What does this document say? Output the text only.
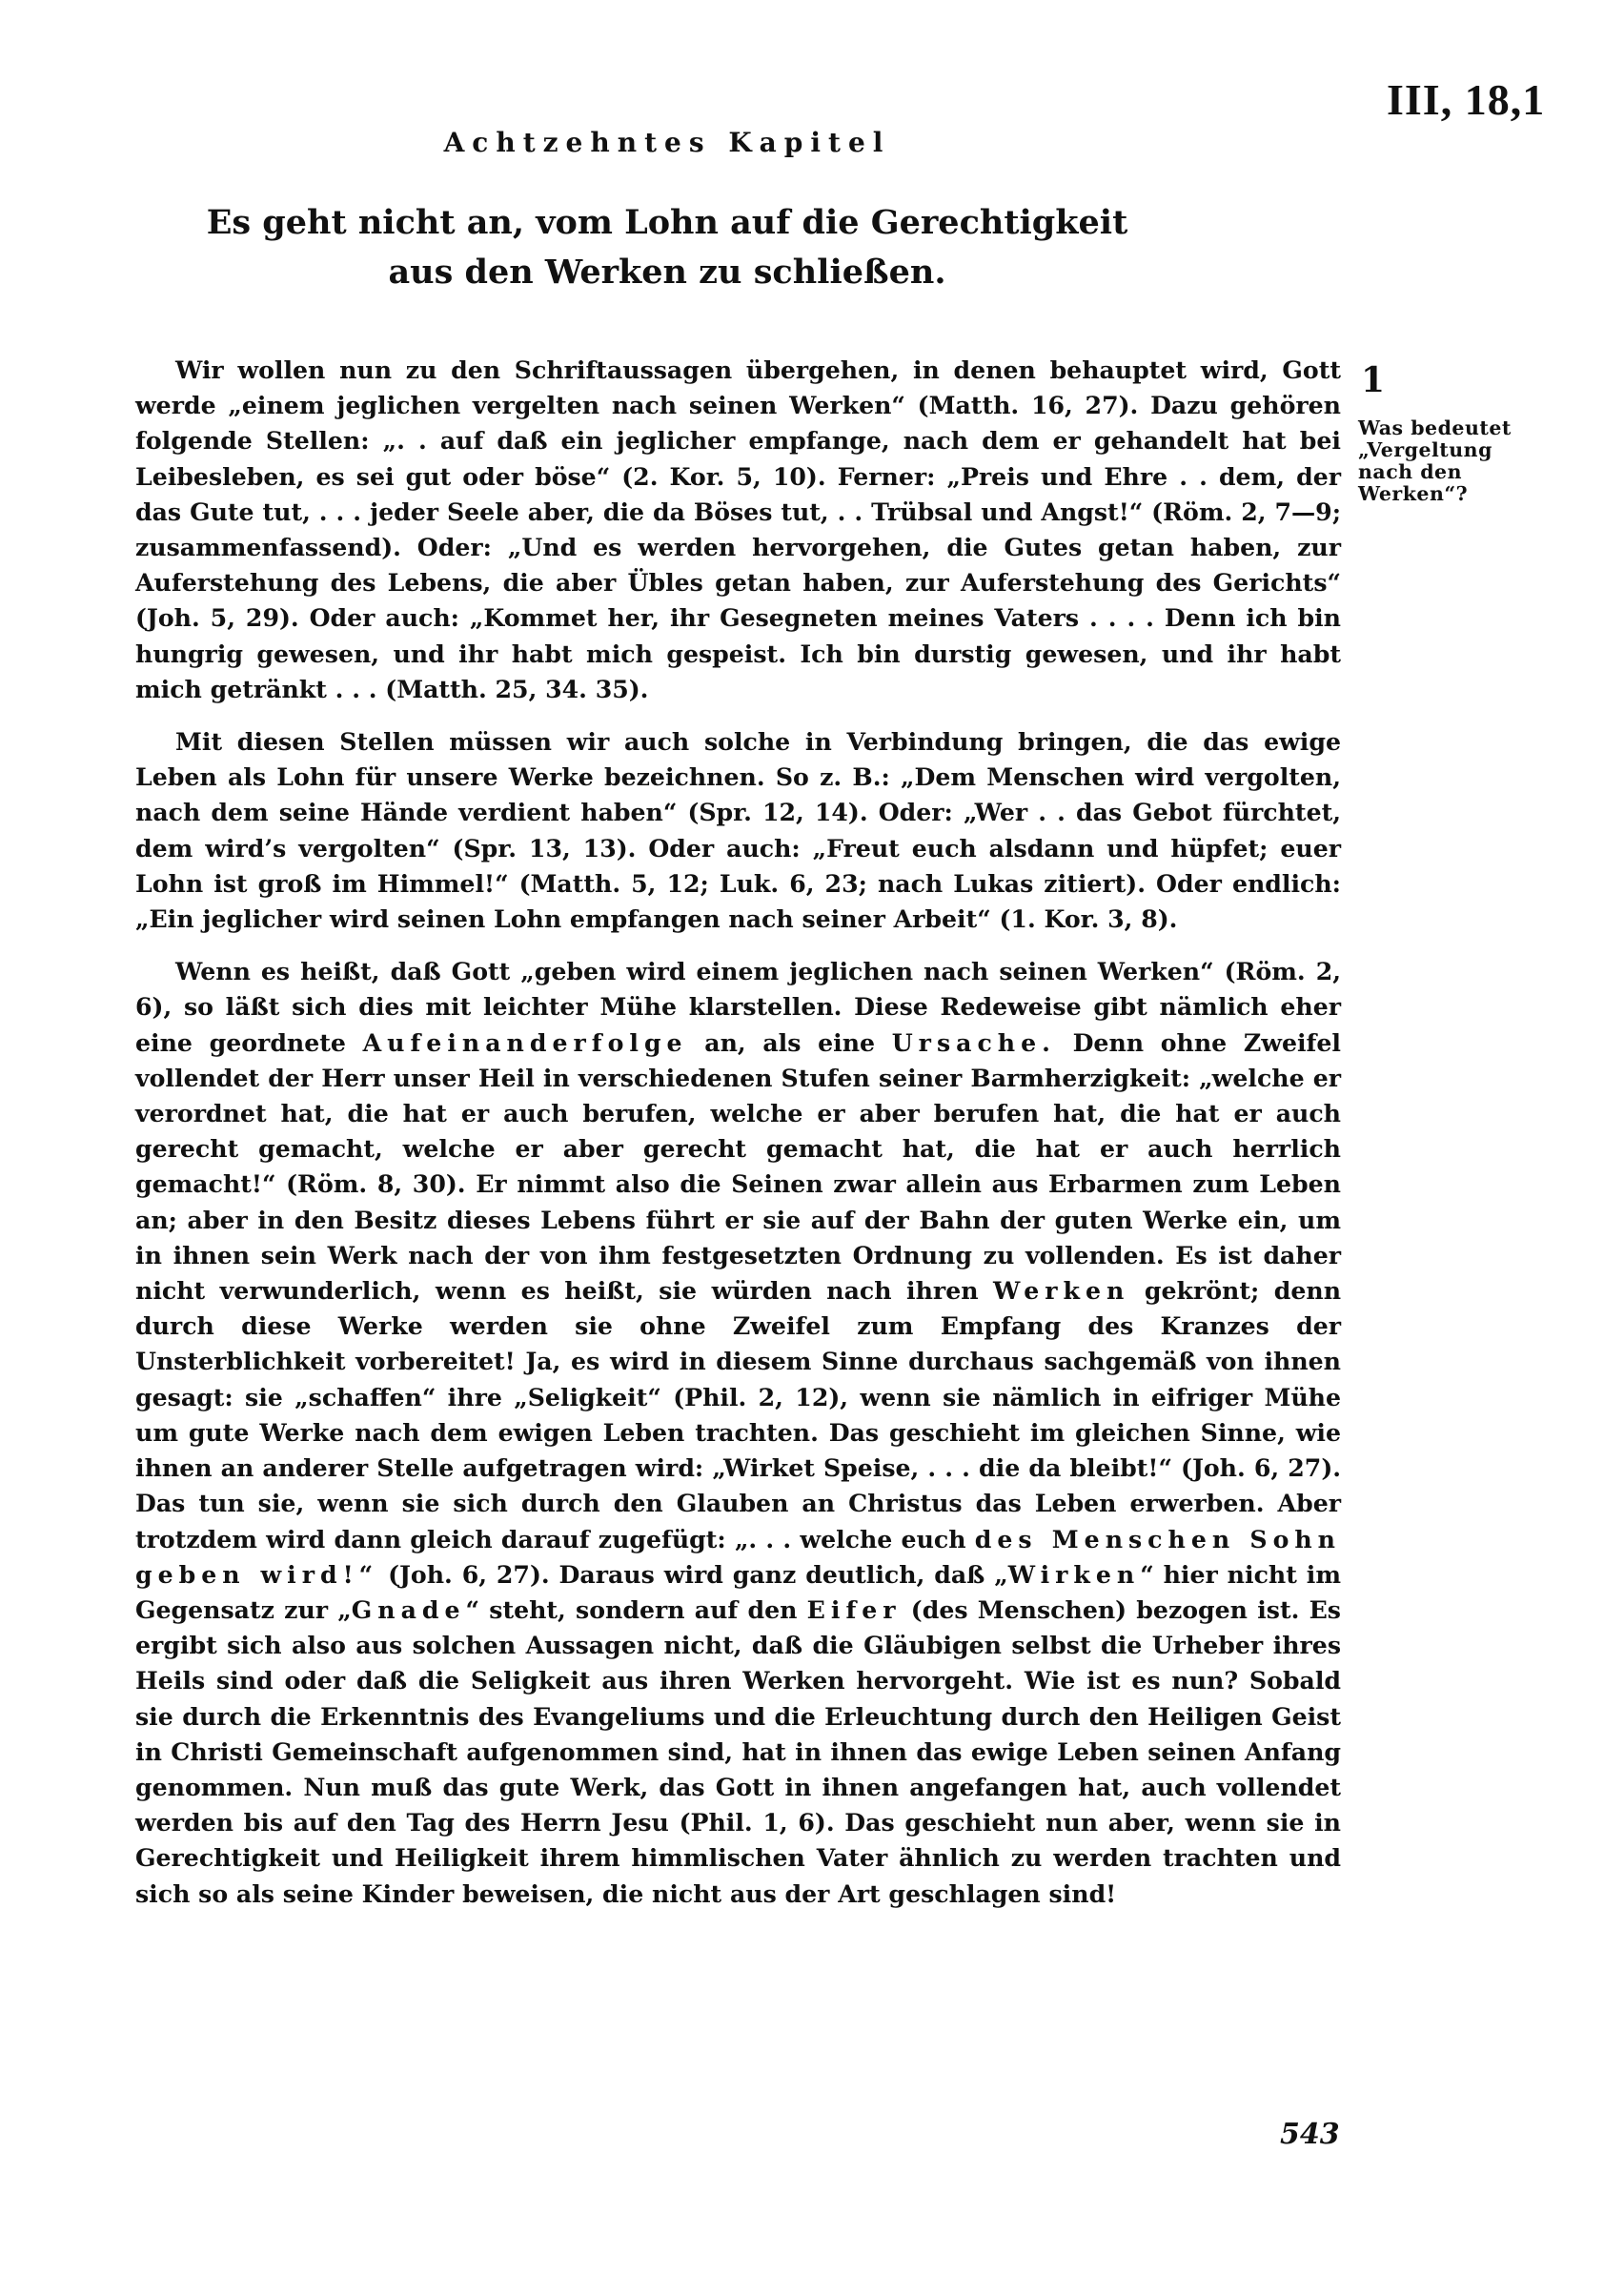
III, 18,1
Achtzehntes Kapitel
Es geht nicht an, vom Lohn auf die Gerechtigkeit
aus den Werken zu schließen.
1
Was bedeutet
„Vergeltung
nach den
Werken“?

Wir wollen nun zu den Schriftaussagen übergehen, in denen behauptet wird, Gott werde „einem jeglichen vergelten nach seinen Werken“ (Matth. 16, 27). Dazu gehören folgende Stellen: „. . auf daß ein jeglicher empfange, nach dem er gehandelt hat bei Leibesleben, es sei gut oder böse“ (2. Kor. 5, 10). Ferner: „Preis und Ehre . . dem, der das Gute tut, . . . jeder Seele aber, die da Böses tut, . . Trübsal und Angst!“ (Röm. 2, 7—9; zusammenfassend). Oder: „Und es werden hervorgehen, die Gutes getan haben, zur Auferstehung des Lebens, die aber Übles getan haben, zur Auferstehung des Gerichts“ (Joh. 5, 29). Oder auch: „Kommet her, ihr Gesegneten meines Vaters . . . . Denn ich bin hungrig gewesen, und ihr habt mich gespeist. Ich bin durstig gewesen, und ihr habt mich getränkt . . . (Matth. 25, 34. 35).

Mit diesen Stellen müssen wir auch solche in Verbindung bringen, die das ewige Leben als Lohn für unsere Werke bezeichnen. So z. B.: „Dem Menschen wird vergolten, nach dem seine Hände verdient haben“ (Spr. 12, 14). Oder: „Wer . . das Gebot fürchtet, dem wird’s vergolten“ (Spr. 13, 13). Oder auch: „Freut euch alsdann und hüpfet; euer Lohn ist groß im Himmel!“ (Matth. 5, 12; Luk. 6, 23; nach Lukas zitiert). Oder endlich: „Ein jeglicher wird seinen Lohn empfangen nach seiner Arbeit“ (1. Kor. 3, 8).

Wenn es heißt, daß Gott „geben wird einem jeglichen nach seinen Werken“ (Röm. 2, 6), so läßt sich dies mit leichter Mühe klarstellen. Diese Redeweise gibt nämlich eher eine geordnete Aufeinanderfolge an, als eine Ursache. Denn ohne Zweifel vollendet der Herr unser Heil in verschiedenen Stufen seiner Barmherzigkeit: „welche er verordnet hat, die hat er auch berufen, welche er aber berufen hat, die hat er auch gerecht gemacht, welche er aber gerecht gemacht hat, die hat er auch herrlich gemacht!“ (Röm. 8, 30). Er nimmt also die Seinen zwar allein aus Erbarmen zum Leben an; aber in den Besitz dieses Lebens führt er sie auf der Bahn der guten Werke ein, um in ihnen sein Werk nach der von ihm festgesetzten Ordnung zu vollenden. Es ist daher nicht verwunderlich, wenn es heißt, sie würden nach ihren Werken gekrönt; denn durch diese Werke werden sie ohne Zweifel zum Empfang des Kranzes der Unsterblichkeit vorbereitet! Ja, es wird in diesem Sinne durchaus sachgemäß von ihnen gesagt: sie „schaffen“ ihre „Seligkeit“ (Phil. 2, 12), wenn sie nämlich in eifriger Mühe um gute Werke nach dem ewigen Leben trachten. Das geschieht im gleichen Sinne, wie ihnen an anderer Stelle aufgetragen wird: „Wirket Speise, . . . die da bleibt!“ (Joh. 6, 27). Das tun sie, wenn sie sich durch den Glauben an Christus das Leben erwerben. Aber trotzdem wird dann gleich darauf zugefügt: „. . . welche euch des Menschen Sohn geben wird!“ (Joh. 6, 27). Daraus wird ganz deutlich, daß „Wirken“ hier nicht im Gegensatz zur „Gnade“ steht, sondern auf den Eifer (des Menschen) bezogen ist. Es ergibt sich also aus solchen Aussagen nicht, daß die Gläubigen selbst die Urheber ihres Heils sind oder daß die Seligkeit aus ihren Werken hervorgeht. Wie ist es nun? Sobald sie durch die Erkenntnis des Evangeliums und die Erleuchtung durch den Heiligen Geist in Christi Gemeinschaft aufgenommen sind, hat in ihnen das ewige Leben seinen Anfang genommen. Nun muß das gute Werk, das Gott in ihnen angefangen hat, auch vollendet werden bis auf den Tag des Herrn Jesu (Phil. 1, 6). Das geschieht nun aber, wenn sie in Gerechtigkeit und Heiligkeit ihrem himmlischen Vater ähnlich zu werden trachten und sich so als seine Kinder beweisen, die nicht aus der Art geschlagen sind!

543
